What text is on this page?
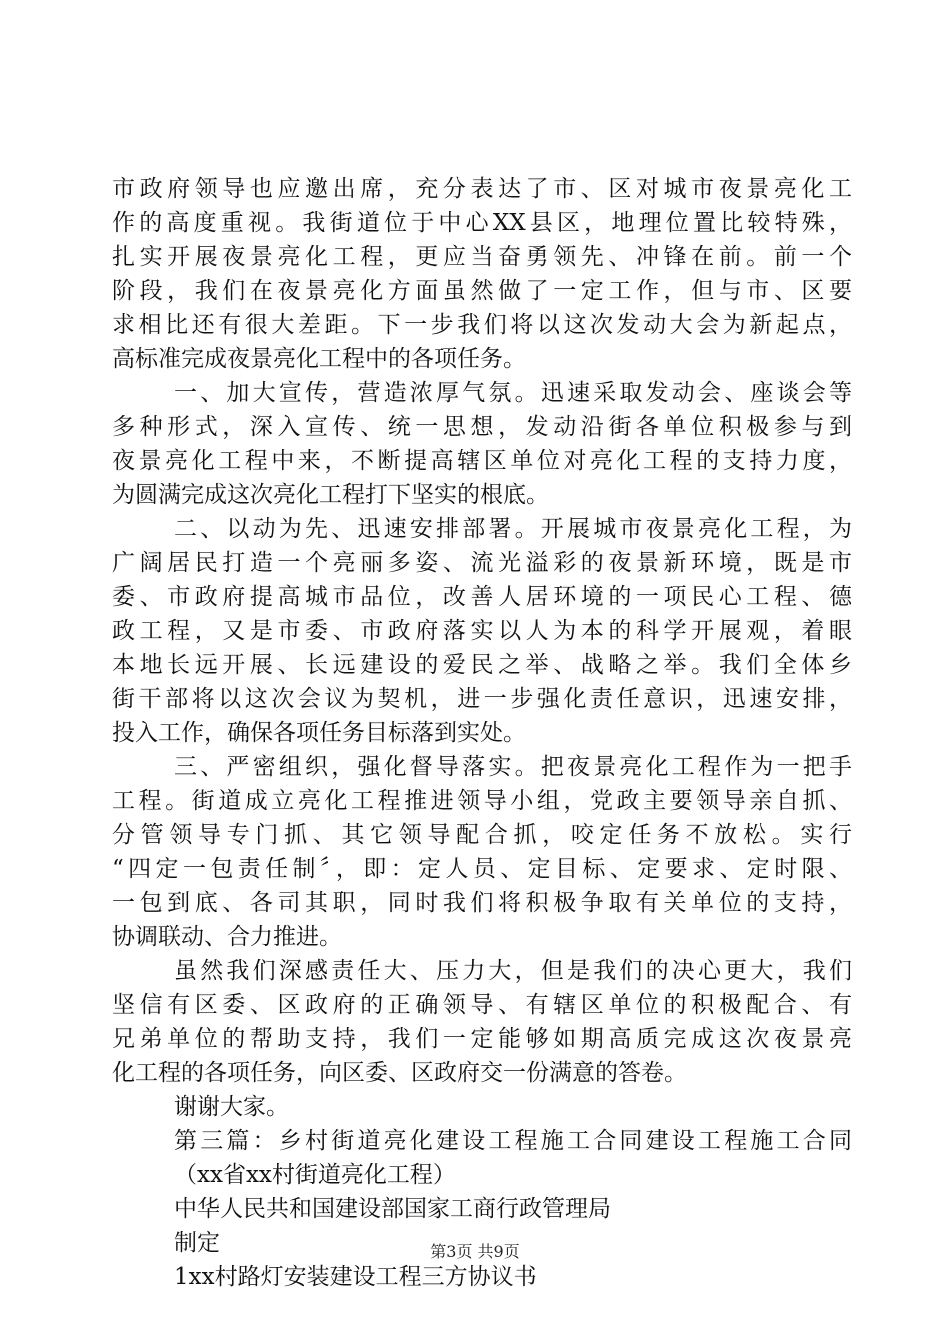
市政府领导也应邀出席，充分表达了市、区对城市夜景亮化工
作的高度重视。我街道位于中心XX县区，地理位置比较特殊，
扎实开展夜景亮化工程，更应当奋勇领先、冲锋在前。前一个
阶段，我们在夜景亮化方面虽然做了一定工作，但与市、区要
求相比还有很大差距。下一步我们将以这次发动大会为新起点，
高标准完成夜景亮化工程中的各项任务。
一、加大宣传，营造浓厚气氛。迅速采取发动会、座谈会等
多种形式，深入宣传、统一思想，发动沿街各单位积极参与到
夜景亮化工程中来，不断提高辖区单位对亮化工程的支持力度，
为圆满完成这次亮化工程打下坚实的根底。
二、以动为先、迅速安排部署。开展城市夜景亮化工程，为
广阔居民打造一个亮丽多姿、流光溢彩的夜景新环境，既是市
委、市政府提高城市品位，改善人居环境的一项民心工程、德
政工程，又是市委、市政府落实以人为本的科学开展观，着眼
本地长远开展、长远建设的爱民之举、战略之举。我们全体乡
街干部将以这次会议为契机，进一步强化责任意识，迅速安排，
投入工作，确保各项任务目标落到实处。
三、严密组织，强化督导落实。把夜景亮化工程作为一把手
工程。街道成立亮化工程推进领导小组，党政主要领导亲自抓、
分管领导专门抓、其它领导配合抓，咬定任务不放松。实行
“四定一包责任制〞，即：定人员、定目标、定要求、定时限、
一包到底、各司其职，同时我们将积极争取有关单位的支持，
协调联动、合力推进。
虽然我们深感责任大、压力大，但是我们的决心更大，我们
坚信有区委、区政府的正确领导、有辖区单位的积极配合、有
兄弟单位的帮助支持，我们一定能够如期高质完成这次夜景亮
化工程的各项任务，向区委、区政府交一份满意的答卷。
谢谢大家。
第三篇：乡村街道亮化建设工程施工合同建设工程施工合同
（xx省xx村街道亮化工程）
中华人民共和国建设部国家工商行政管理局
制定
1xx村路灯安装建设工程三方协议书
第3页 共9页
